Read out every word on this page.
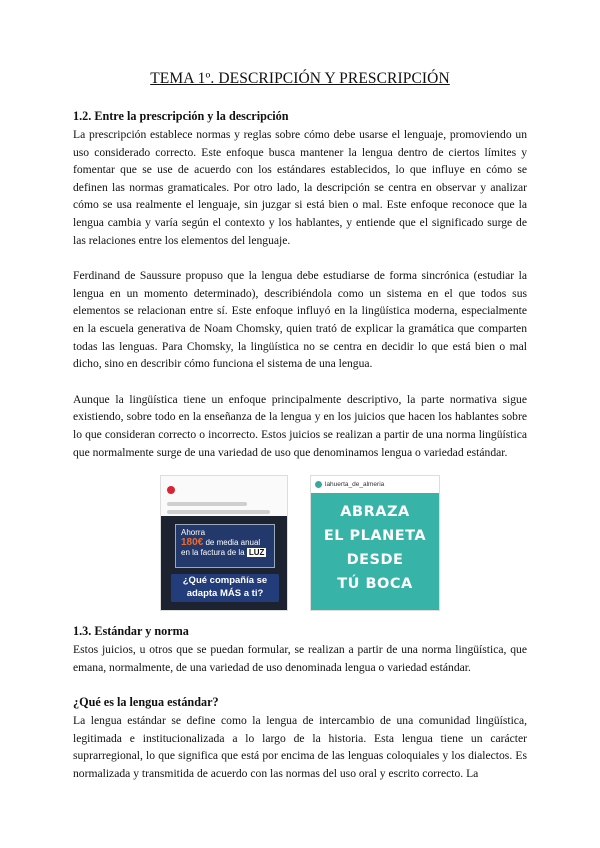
TEMA 1º. DESCRIPCIÓN Y PRESCRIPCIÓN
1.2. Entre la prescripción y la descripción

La prescripción establece normas y reglas sobre cómo debe usarse el lenguaje, promoviendo un uso considerado correcto. Este enfoque busca mantener la lengua dentro de ciertos límites y fomentar que se use de acuerdo con los estándares establecidos, lo que influye en cómo se definen las normas gramaticales. Por otro lado, la descripción se centra en observar y analizar cómo se usa realmente el lenguaje, sin juzgar si está bien o mal. Este enfoque reconoce que la lengua cambia y varía según el contexto y los hablantes, y entiende que el significado surge de las relaciones entre los elementos del lenguaje.

Ferdinand de Saussure propuso que la lengua debe estudiarse de forma sincrónica (estudiar la lengua en un momento determinado), describiéndola como un sistema en el que todos sus elementos se relacionan entre sí. Este enfoque influyó en la lingüística moderna, especialmente en la escuela generativa de Noam Chomsky, quien trató de explicar la gramática que comparten todas las lenguas. Para Chomsky, la lingüística no se centra en decidir lo que está bien o mal dicho, sino en describir cómo funciona el sistema de una lengua.

Aunque la lingüística tiene un enfoque principalmente descriptivo, la parte normativa sigue existiendo, sobre todo en la enseñanza de la lengua y en los juicios que hacen los hablantes sobre lo que consideran correcto o incorrecto. Estos juicios se realizan a partir de una norma lingüística que normalmente surge de una variedad de uso que denominamos lengua o variedad estándar.

Ahorra
180€ de media anual
en la factura de la LUZ
¿Qué compañía se adapta MÁS a ti?
lahuerta_de_almeria
ABRAZA
EL PLANETA
DESDE
TÚ BOCA
1.3. Estándar y norma

Estos juicios, u otros que se puedan formular, se realizan a partir de una norma lingüística, que emana, normalmente, de una variedad de uso denominada lengua o variedad estándar.

¿Qué es la lengua estándar?

La lengua estándar se define como la lengua de intercambio de una comunidad lingüística, legitimada e institucionalizada a lo largo de la historia. Esta lengua tiene un carácter suprarregional, lo que significa que está por encima de las lenguas coloquiales y los dialectos. Es normalizada y transmitida de acuerdo con las normas del uso oral y escrito correcto. La
